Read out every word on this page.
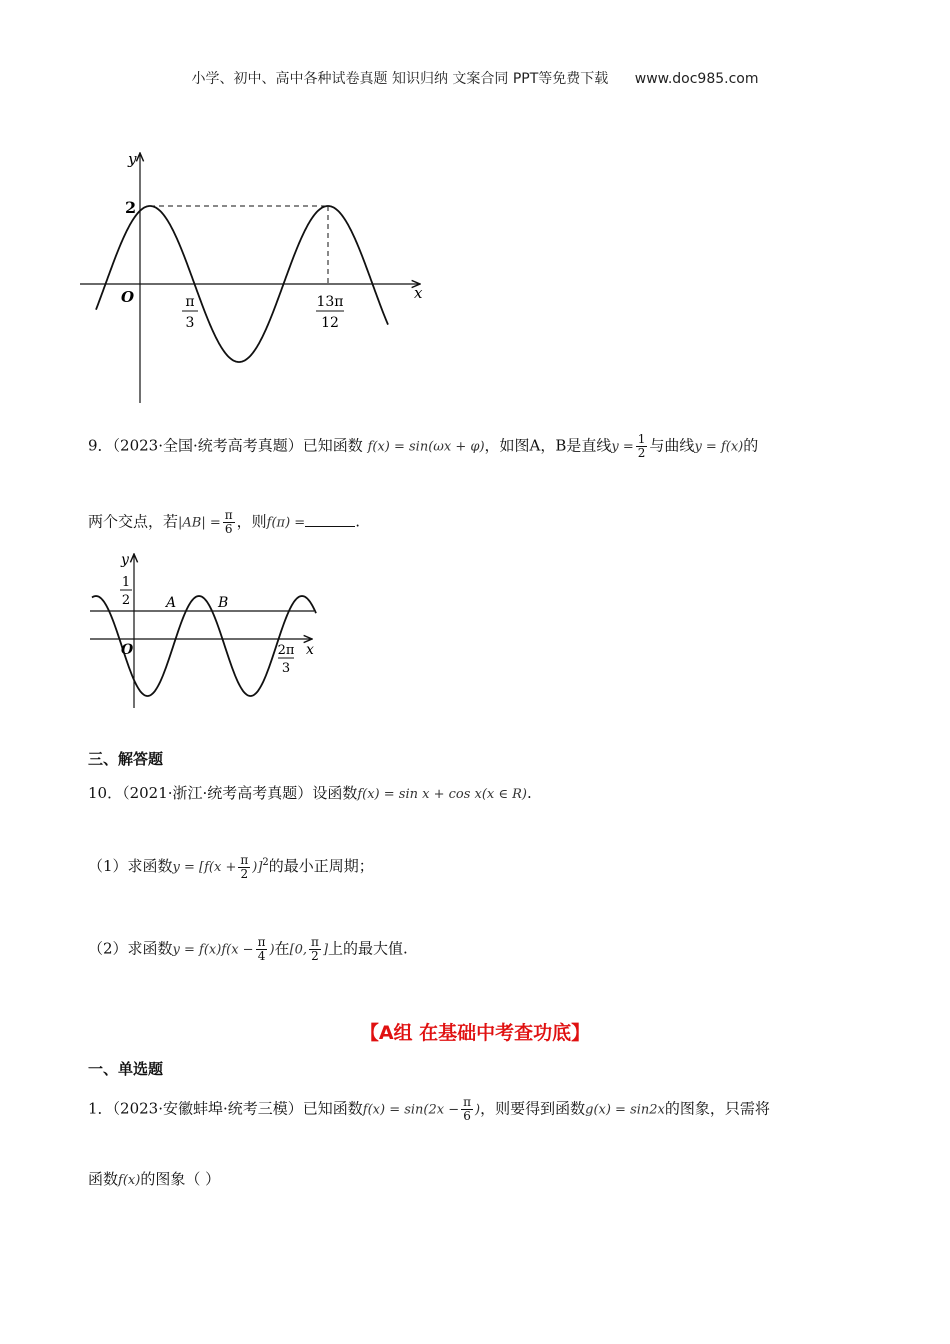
小学、初中、高中各种试卷真题 知识归纳 文案合同 PPT等免费下载 www.doc985.com
y
x
O
2
π
3
13π
12
9．（2023·全国·统考高考真题）已知函数 f(x) = sin(ωx + φ)，如图A，B是直线$y = \frac{1}{2}$ 与曲线y = f(x)的
两个交点，若$|AB| = \frac{\pi}{6}$ ，则f(π) =	.
y
x
O
1
2	A	B
2π
3
三、解答题
10．（2021·浙江·统考高考真题）设函数f(x) = sin x + cos x(x ∈ R).
（1）求函数$y = [f(x + \frac{\pi}{2} )]^2$的最小正周期；
（2）求函数$y = f(x)f(x - \frac{\pi}{4}$ )在[0, $\frac{\pi}{2}$ ]上的最大值.
【A组 在基础中考查功底】
一、单选题
1．（2023·安徽蚌埠·统考三模）已知函数$f(x) = \sin(2x - \frac{\pi}{6}$ )，则要得到函数g(x) = sin2x的图象，只需将
函数f(x)的图象（ ）
